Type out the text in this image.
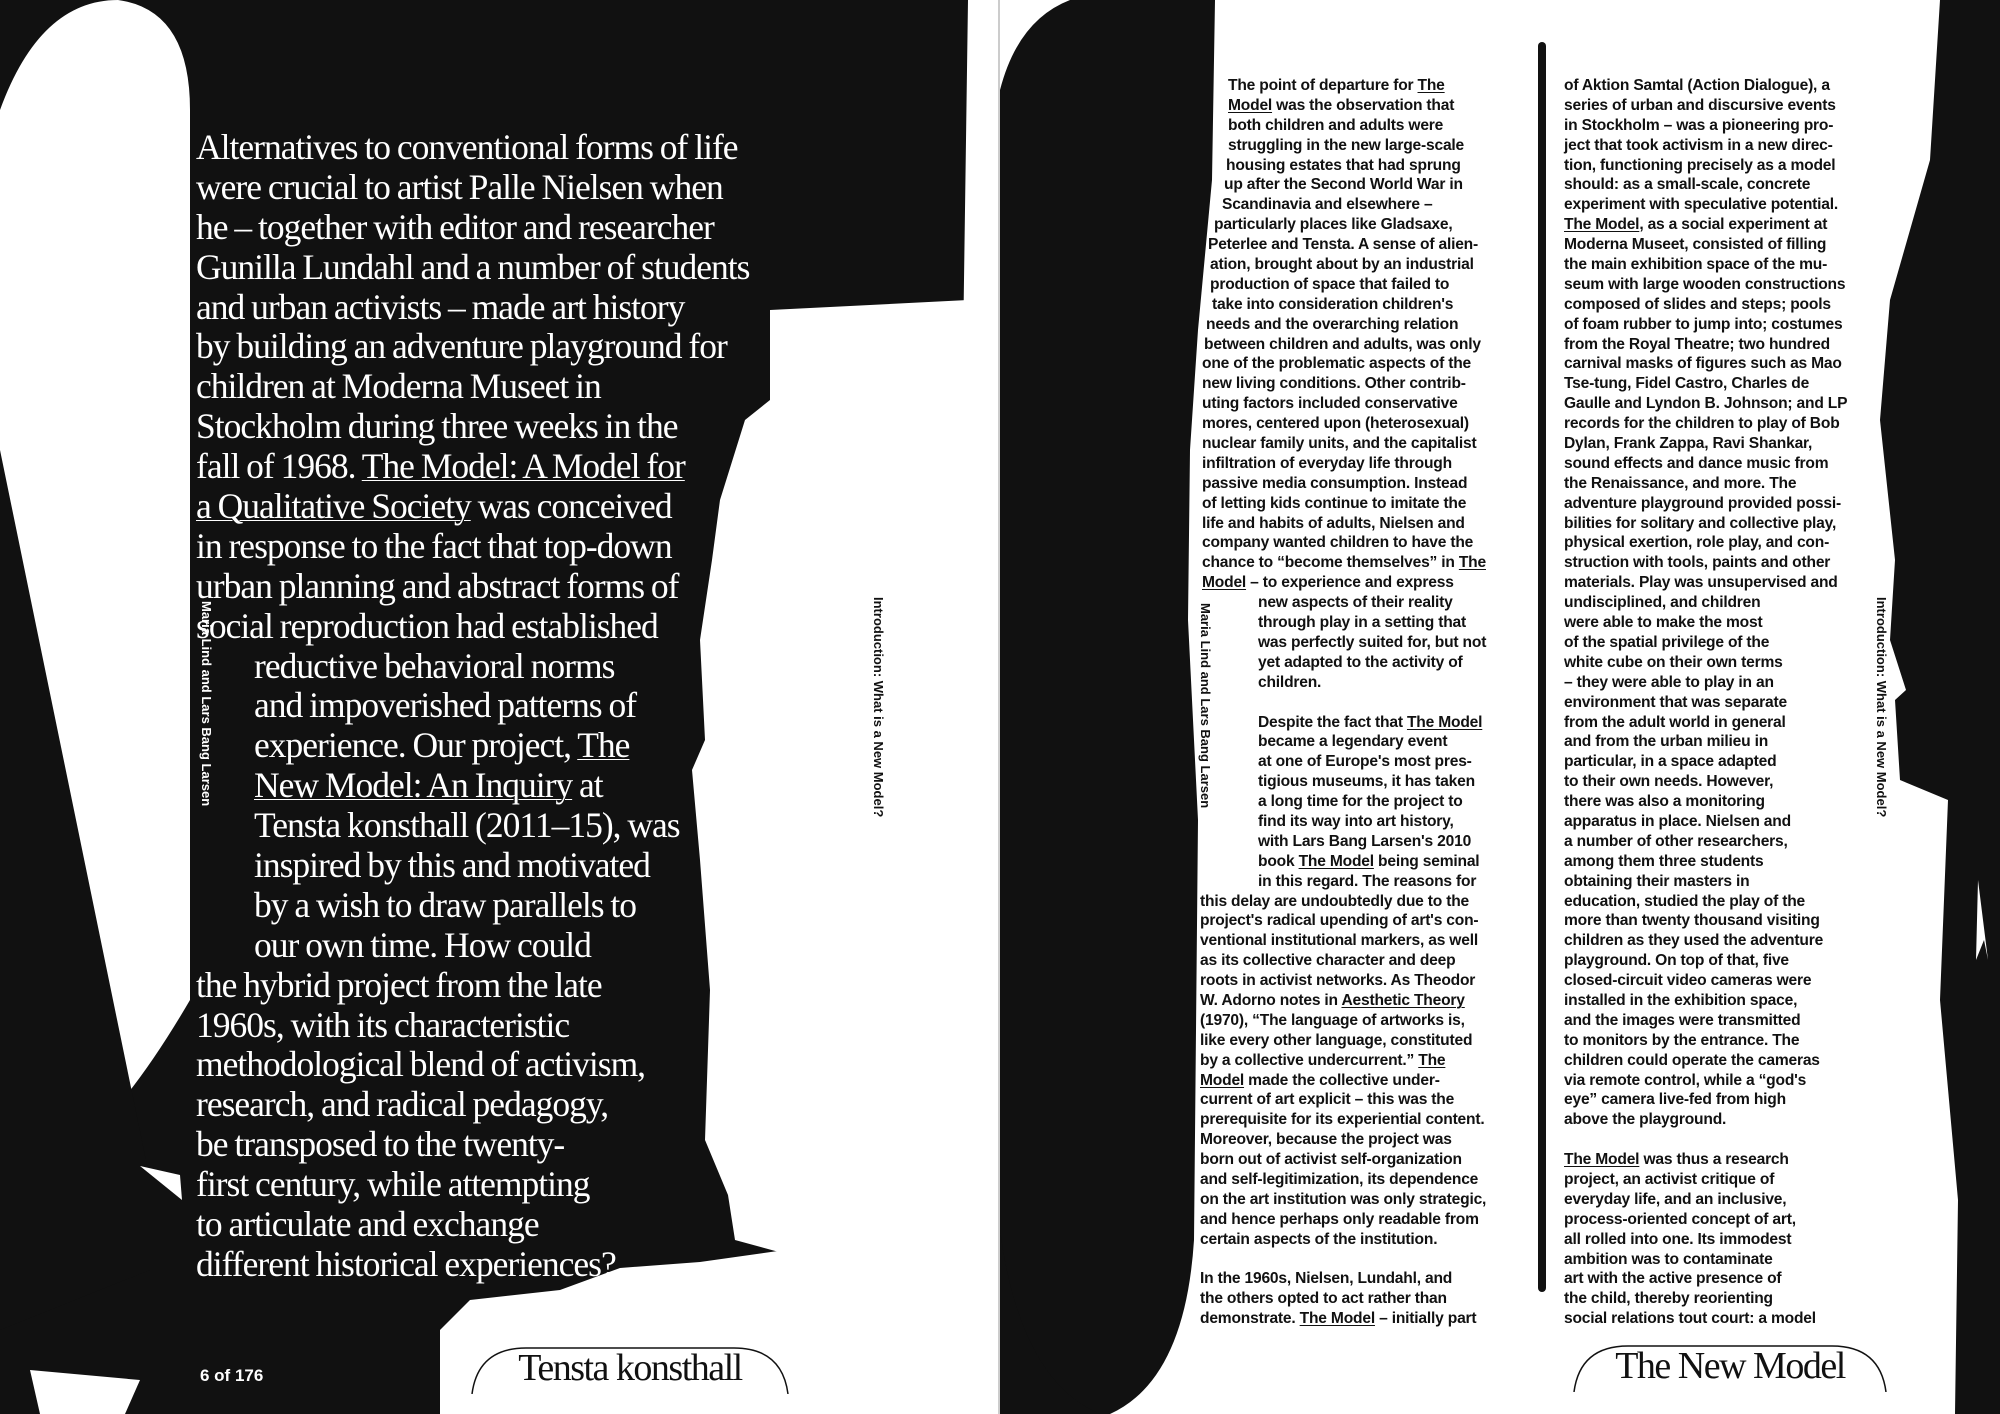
Alternatives to conventional forms of life
were crucial to artist Palle Nielsen when
he – together with editor and researcher
Gunilla Lundahl and a number of students
and urban activists – made art history
by building an adventure playground for
children at Moderna Museet in
Stockholm during three weeks in the
fall of 1968. The Model: A Model for
a Qualitative Society was conceived
in response to the fact that top-down
urban planning and abstract forms of
social reproduction had established
reductive behavioral norms
and impoverished patterns of
experience. Our project, The
New Model: An Inquiry at
Tensta konsthall (2011–15), was
inspired by this and motivated
by a wish to draw parallels to
our own time. How could
the hybrid project from the late
1960s, with its characteristic
methodological blend of activism,
research, and radical pedagogy,
be transposed to the twenty-
first century, while attempting
to articulate and exchange
different historical experiences?

Maria Lind and Lars Bang Larsen	Introduction: What is a New Model?
6 of 176	Tensta konsthall

The point of departure for The
Model was the observation that
both children and adults were
struggling in the new large-scale
housing estates that had sprung
up after the Second World War in
Scandinavia and elsewhere –
particularly places like Gladsaxe,
Peterlee and Tensta. A sense of alien-
ation, brought about by an industrial
production of space that failed to
take into consideration children's
needs and the overarching relation
between children and adults, was only
one of the problematic aspects of the
new living conditions. Other contrib-
uting factors included conservative
mores, centered upon (heterosexual)
nuclear family units, and the capitalist
infiltration of everyday life through
passive media consumption. Instead
of letting kids continue to imitate the
life and habits of adults, Nielsen and
company wanted children to have the
chance to “become themselves” in The
Model – to experience and express
new aspects of their reality
through play in a setting that
was perfectly suited for, but not
yet adapted to the activity of
children.

Despite the fact that The Model
became a legendary event
at one of Europe's most pres-
tigious museums, it has taken
a long time for the project to
find its way into art history,
with Lars Bang Larsen's 2010
book The Model being seminal
in this regard. The reasons for
this delay are undoubtedly due to the
project's radical upending of art's con-
ventional institutional markers, as well
as its collective character and deep
roots in activist networks. As Theodor
W. Adorno notes in Aesthetic Theory
(1970), “The language of artworks is,
like every other language, constituted
by a collective undercurrent.” The
Model made the collective under-
current of art explicit – this was the
prerequisite for its experiential content.
Moreover, because the project was
born out of activist self-organization
and self-legitimization, its dependence
on the art institution was only strategic,
and hence perhaps only readable from
certain aspects of the institution.

In the 1960s, Nielsen, Lundahl, and
the others opted to act rather than
demonstrate. The Model – initially part

of Aktion Samtal (Action Dialogue), a
series of urban and discursive events
in Stockholm – was a pioneering pro-
ject that took activism in a new direc-
tion, functioning precisely as a model
should: as a small-scale, concrete
experiment with speculative potential.
The Model, as a social experiment at
Moderna Museet, consisted of filling
the main exhibition space of the mu-
seum with large wooden constructions
composed of slides and steps; pools
of foam rubber to jump into; costumes
from the Royal Theatre; two hundred
carnival masks of figures such as Mao
Tse-tung, Fidel Castro, Charles de
Gaulle and Lyndon B. Johnson; and LP
records for the children to play of Bob
Dylan, Frank Zappa, Ravi Shankar,
sound effects and dance music from
the Renaissance, and more. The
adventure playground provided possi-
bilities for solitary and collective play,
physical exertion, role play, and con-
struction with tools, paints and other
materials. Play was unsupervised and
undisciplined, and children
were able to make the most
of the spatial privilege of the
white cube on their own terms
– they were able to play in an
environment that was separate
from the adult world in general
and from the urban milieu in
particular, in a space adapted
to their own needs. However,
there was also a monitoring
apparatus in place. Nielsen and
a number of other researchers,
among them three students
obtaining their masters in
education, studied the play of the
more than twenty thousand visiting
children as they used the adventure
playground. On top of that, five
closed-circuit video cameras were
installed in the exhibition space,
and the images were transmitted
to monitors by the entrance. The
children could operate the cameras
via remote control, while a “god's
eye” camera live-fed from high
above the playground.

The Model was thus a research
project, an activist critique of
everyday life, and an inclusive,
process-oriented concept of art,
all rolled into one. Its immodest
ambition was to contaminate
art with the active presence of
the child, thereby reorienting
social relations tout court: a model

Maria Lind and Lars Bang Larsen	Introduction: What is a New Model?
The New Model
